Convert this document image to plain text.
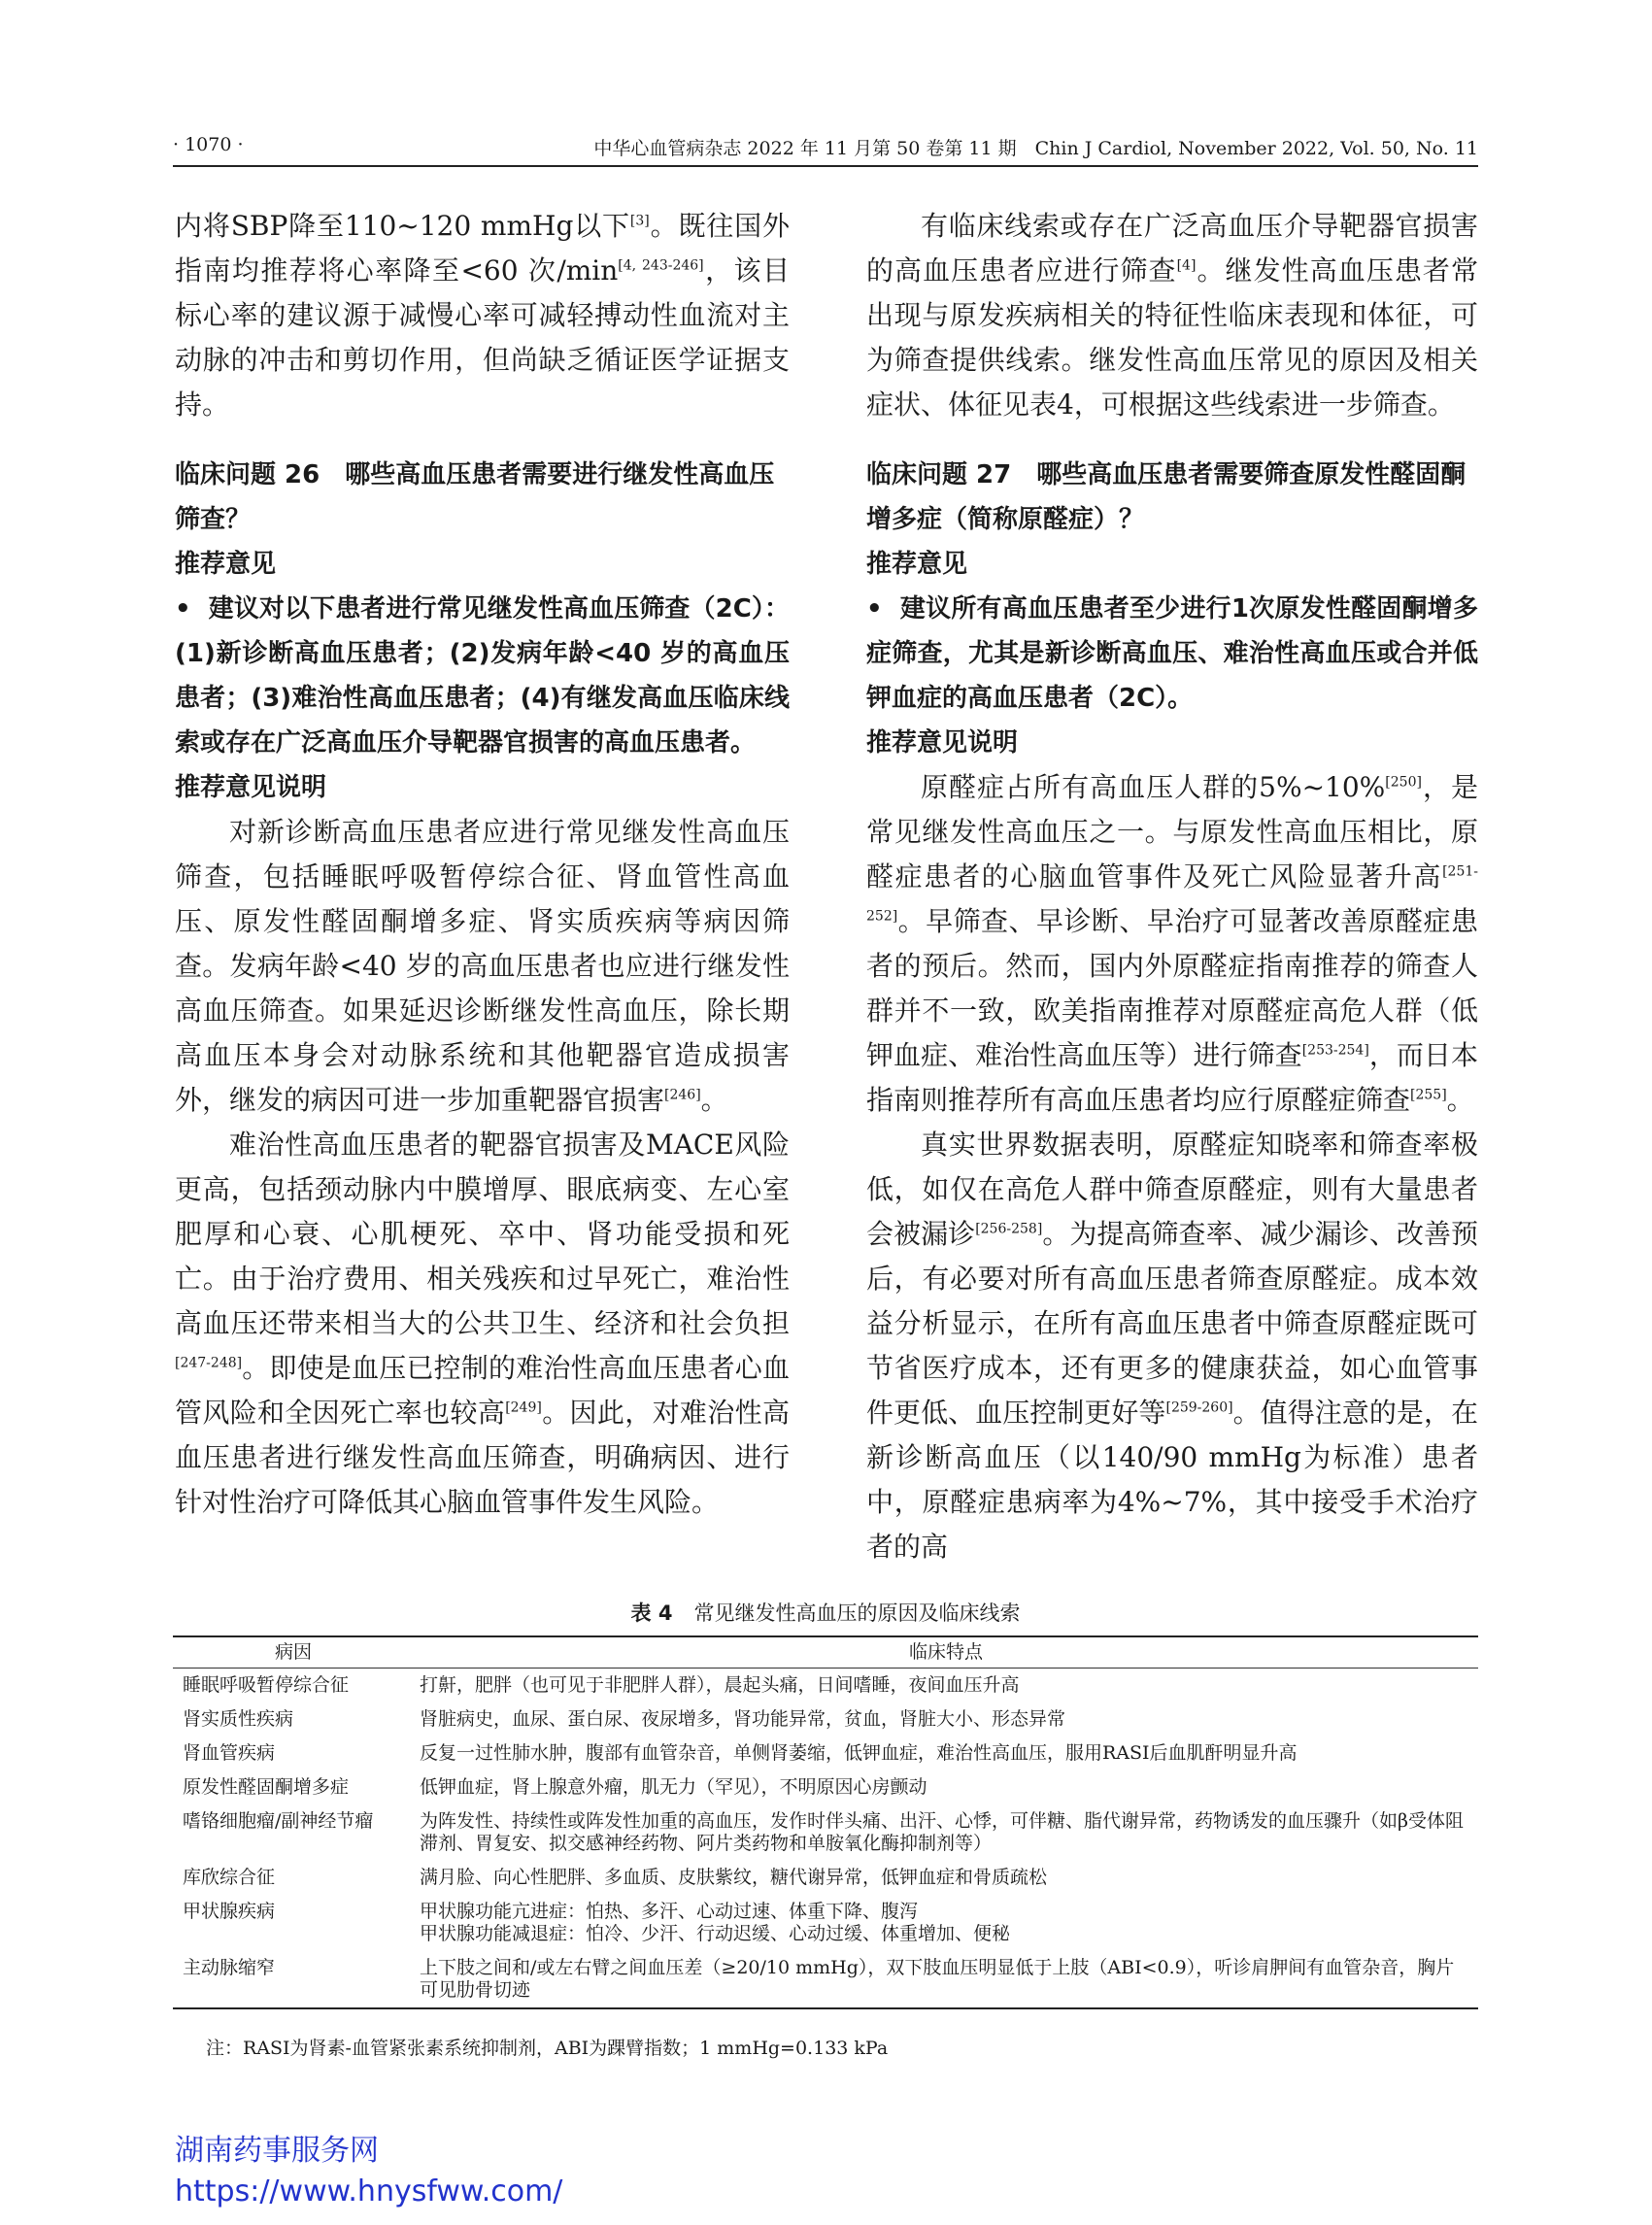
· 1070 ·	中华心血管病杂志 2022 年 11 月第 50 卷第 11 期　Chin J Cardiol, November 2022, Vol. 50, No. 11

内将SBP降至110~120 mmHg以下[3]。既往国外指南均推荐将心率降至<60 次/min[4, 243-246]，该目标心率的建议源于减慢心率可减轻搏动性血流对主动脉的冲击和剪切作用，但尚缺乏循证医学证据支持。

临床问题 26　哪些高血压患者需要进行继发性高血压筛查？
推荐意见
• 建议对以下患者进行常见继发性高血压筛查（2C）：(1)新诊断高血压患者；(2)发病年龄<40 岁的高血压患者；(3)难治性高血压患者；(4)有继发高血压临床线索或存在广泛高血压介导靶器官损害的高血压患者。
推荐意见说明

对新诊断高血压患者应进行常见继发性高血压筛查，包括睡眠呼吸暂停综合征、肾血管性高血压、原发性醛固酮增多症、肾实质疾病等病因筛查。发病年龄<40 岁的高血压患者也应进行继发性高血压筛查。如果延迟诊断继发性高血压，除长期高血压本身会对动脉系统和其他靶器官造成损害外，继发的病因可进一步加重靶器官损害[246]。

难治性高血压患者的靶器官损害及MACE风险更高，包括颈动脉内中膜增厚、眼底病变、左心室肥厚和心衰、心肌梗死、卒中、肾功能受损和死亡。由于治疗费用、相关残疾和过早死亡，难治性高血压还带来相当大的公共卫生、经济和社会负担[247-248]。即使是血压已控制的难治性高血压患者心血管风险和全因死亡率也较高[249]。因此，对难治性高血压患者进行继发性高血压筛查，明确病因、进行针对性治疗可降低其心脑血管事件发生风险。

有临床线索或存在广泛高血压介导靶器官损害的高血压患者应进行筛查[4]。继发性高血压患者常出现与原发疾病相关的特征性临床表现和体征，可为筛查提供线索。继发性高血压常见的原因及相关症状、体征见表4，可根据这些线索进一步筛查。

临床问题 27　哪些高血压患者需要筛查原发性醛固酮增多症（简称原醛症）？
推荐意见
• 建议所有高血压患者至少进行1次原发性醛固酮增多症筛查，尤其是新诊断高血压、难治性高血压或合并低钾血症的高血压患者（2C）。
推荐意见说明

原醛症占所有高血压人群的5%~10%[250]，是常见继发性高血压之一。与原发性高血压相比，原醛症患者的心脑血管事件及死亡风险显著升高[251-252]。早筛查、早诊断、早治疗可显著改善原醛症患者的预后。然而，国内外原醛症指南推荐的筛查人群并不一致，欧美指南推荐对原醛症高危人群（低钾血症、难治性高血压等）进行筛查[253-254]，而日本指南则推荐所有高血压患者均应行原醛症筛查[255]。

真实世界数据表明，原醛症知晓率和筛查率极低，如仅在高危人群中筛查原醛症，则有大量患者会被漏诊[256-258]。为提高筛查率、减少漏诊、改善预后，有必要对所有高血压患者筛查原醛症。成本效益分析显示，在所有高血压患者中筛查原醛症既可节省医疗成本，还有更多的健康获益，如心血管事件更低、血压控制更好等[259-260]。值得注意的是，在新诊断高血压（以140/90 mmHg为标准）患者中，原醛症患病率为4%~7%，其中接受手术治疗者的高

表 4 常见继发性高血压的原因及临床线索
病因	临床特点
睡眠呼吸暂停综合征	打鼾，肥胖（也可见于非肥胖人群），晨起头痛，日间嗜睡，夜间血压升高

肾实质性疾病	肾脏病史，血尿、蛋白尿、夜尿增多，肾功能异常，贫血，肾脏大小、形态异常

肾血管疾病	反复一过性肺水肿，腹部有血管杂音，单侧肾萎缩，低钾血症，难治性高血压，服用RASI后血肌酐明显升高

原发性醛固酮增多症	低钾血症，肾上腺意外瘤，肌无力（罕见），不明原因心房颤动

嗜铬细胞瘤/副神经节瘤	为阵发性、持续性或阵发性加重的高血压，发作时伴头痛、出汗、心悸，可伴糖、脂代谢异常，药物诱发的血压骤升（如β受体阻滞剂、胃复安、拟交感神经药物、阿片类药物和单胺氧化酶抑制剂等）

库欣综合征	满月脸、向心性肥胖、多血质、皮肤紫纹，糖代谢异常，低钾血症和骨质疏松

甲状腺疾病	甲状腺功能亢进症：怕热、多汗、心动过速、体重下降、腹泻
甲状腺功能减退症：怕冷、少汗、行动迟缓、心动过缓、体重增加、便秘

主动脉缩窄	上下肢之间和/或左右臂之间血压差（≥20/10 mmHg），双下肢血压明显低于上肢（ABI<0.9），听诊肩胛间有血管杂音，胸片可见肋骨切迹
注：RASI为肾素-血管紧张素系统抑制剂，ABI为踝臂指数；1 mmHg=0.133 kPa
湖南药事服务网
https://www.hnysfww.com/
